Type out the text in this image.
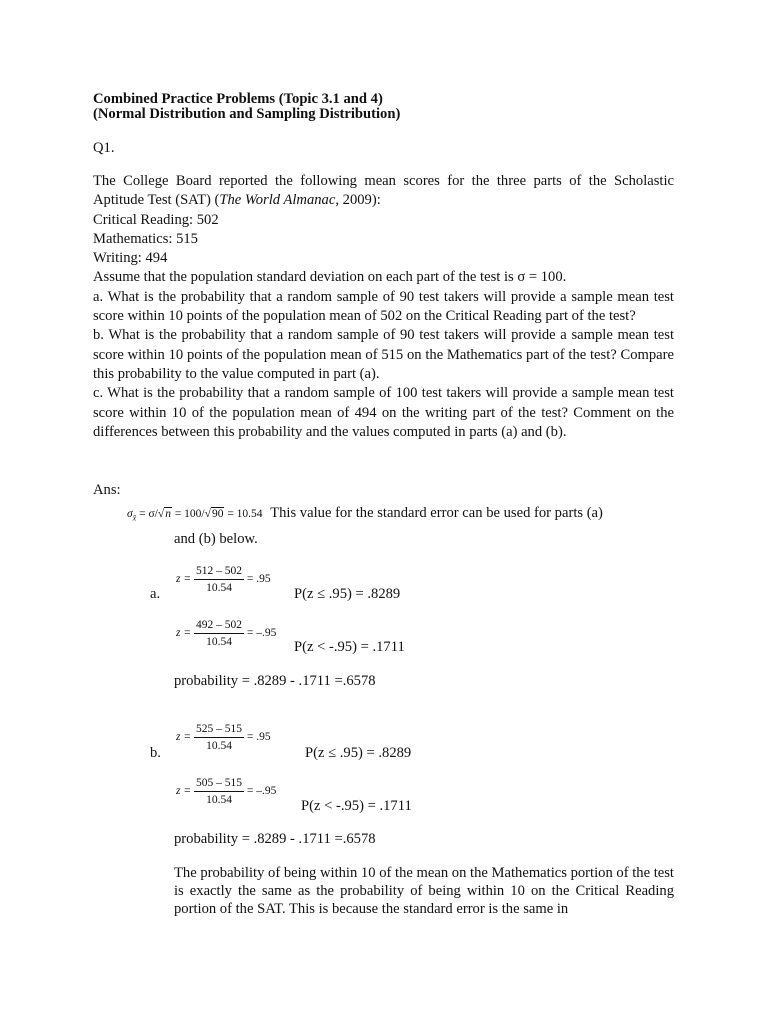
Combined Practice Problems (Topic 3.1 and 4)
(Normal Distribution and Sampling Distribution)
Q1.

The College Board reported the following mean scores for the three parts of the Scholastic Aptitude Test (SAT) (The World Almanac, 2009):

Critical Reading: 502

Mathematics: 515

Writing: 494

Assume that the population standard deviation on each part of the test is σ = 100.

a. What is the probability that a random sample of 90 test takers will provide a sample mean test score within 10 points of the population mean of 502 on the Critical Reading part of the test?

b. What is the probability that a random sample of 90 test takers will provide a sample mean test score within 10 points of the population mean of 515 on the Mathematics part of the test? Compare this probability to the value computed in part (a).

c. What is the probability that a random sample of 100 test takers will provide a sample mean test score within 10 of the population mean of 494 on the writing part of the test? Comment on the differences between this probability and the values computed in parts (a) and (b).

Ans:
$\sigma_{x̄} = \sigma/√n = 100/√90 = 10.54$ This value for the standard error can be used for parts (a)
and (b) below.
a.
$z = \frac{512 - 502}{10.54} = .95$
P(z ≤ .95) = .8289
$z = \frac{492 - 502}{10.54} = -.95$
P(z < -.95) = .1711
probability = .8289 - .1711 =.6578
b.
$z = \frac{525 - 515}{10.54} = .95$
P(z ≤ .95) = .8289
$z = \frac{505 - 515}{10.54} = -.95$
P(z < -.95) = .1711
probability = .8289 - .1711 =.6578
The probability of being within 10 of the mean on the Mathematics portion of the test is exactly the same as the probability of being within 10 on the Critical Reading portion of the SAT. This is because the standard error is the same in
